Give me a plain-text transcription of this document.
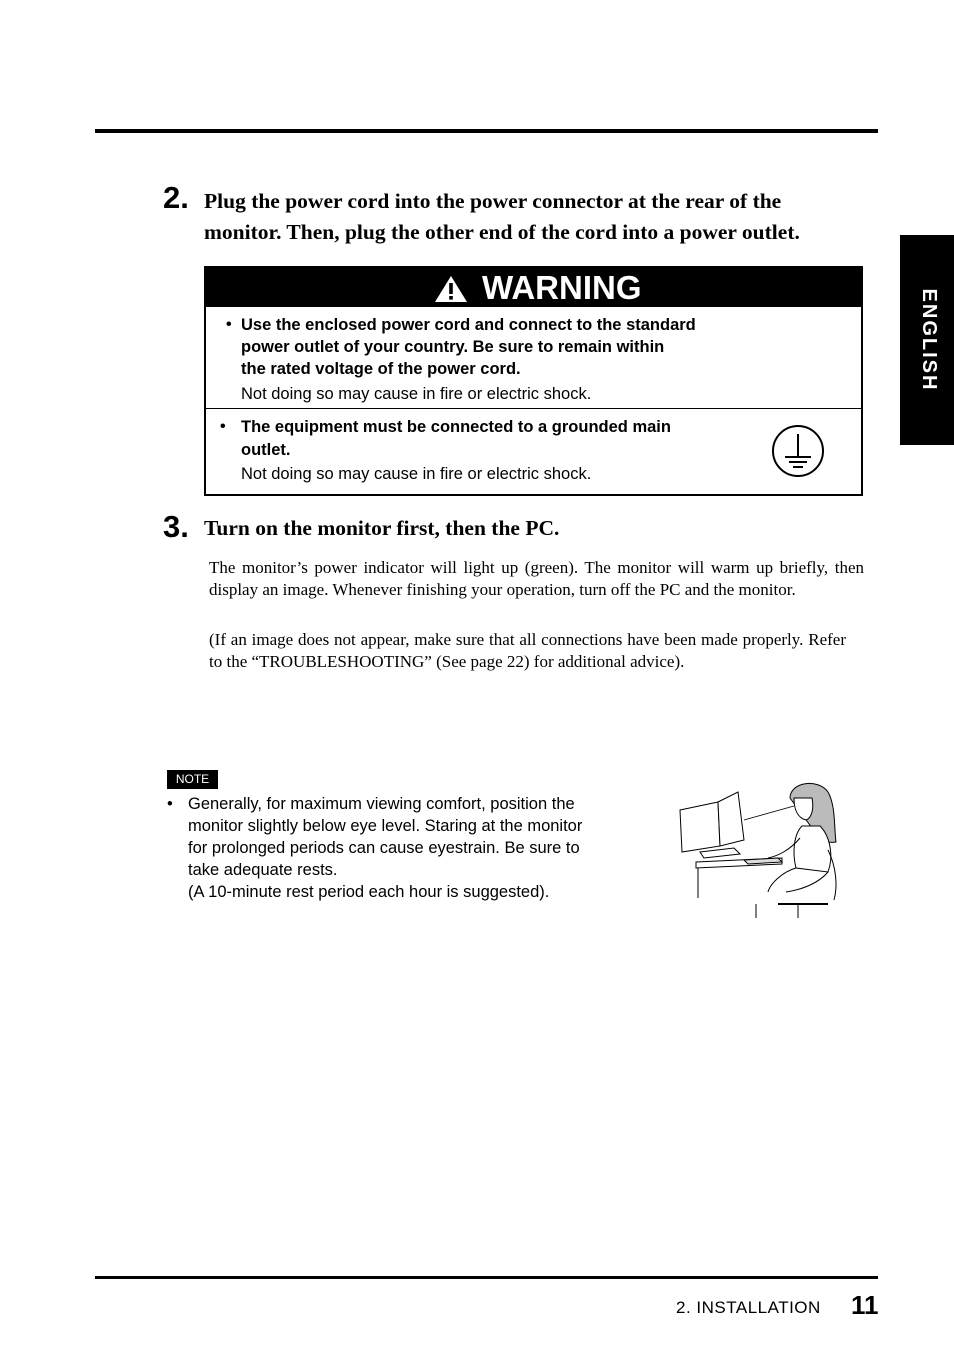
ENGLISH
2. Plug the power cord into the power connector at the rear of the
monitor. Then, plug the other end of the cord into a power outlet.
WARNING
• Use the enclosed power cord and connect to the standard
power outlet of your country. Be sure to remain within
the rated voltage of the power cord.
Not doing so may cause in fire or electric shock.
• The equipment must be connected to a grounded main
outlet.
Not doing so may cause in fire or electric shock.
3. Turn on the monitor first, then the PC.
The monitor’s power indicator will light up (green). The monitor will warm up briefly, then display an image. Whenever finishing your operation, turn off the PC and the monitor.
(If an image does not appear, make sure that all connections have been made properly. Refer to the “TROUBLESHOOTING” (See page 22) for additional advice).
NOTE
• Generally, for maximum viewing comfort, position the
monitor slightly below eye level. Staring at the monitor
for prolonged periods can cause eyestrain. Be sure to
take adequate rests.
(A 10-minute rest period each hour is suggested).
2. INSTALLATION 11
